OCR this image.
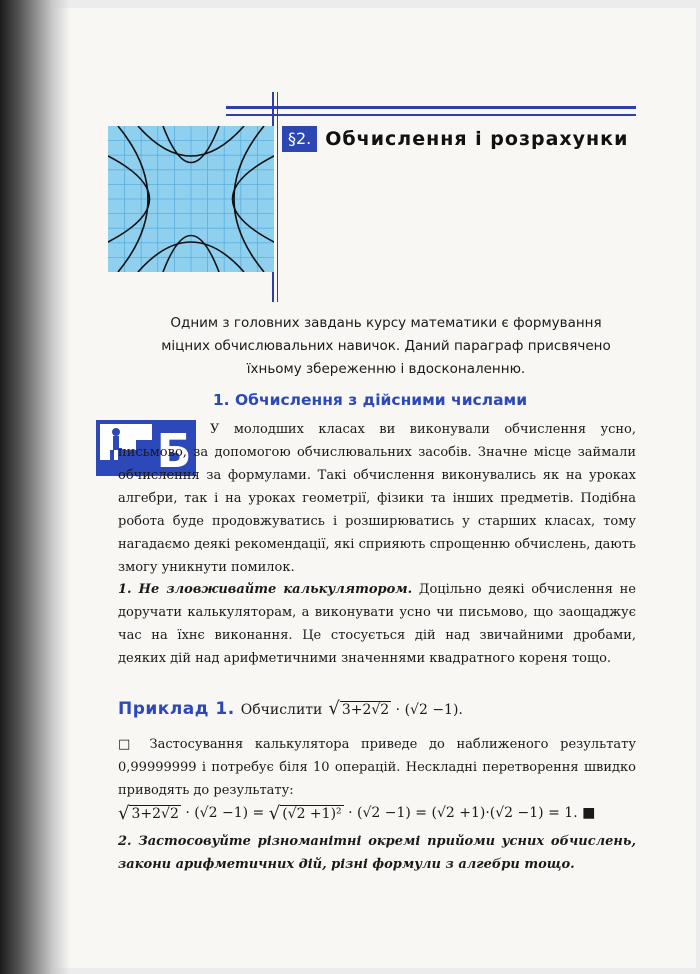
§2. Обчислення і розрахунки
Одним з головних завдань курсу математики є формування міцних обчислювальних навичок. Даний параграф присвячено їхньому збереженню і вдосконаленню.
1. Обчислення з дійсними числами
Б	У молодших класах ви виконували обчислення усно, письмово, за допомогою обчислювальних засобів. Значне місце займали обчислення за формулами. Такі обчислення виконувались як на уроках алгебри, так і на уроках геометрії, фізики та інших предметів. Подібна робота буде продовжуватись і розширюватись у старших класах, тому нагадаємо деякі рекомендації, які сприяють спрощенню обчислень, дають змогу уникнути помилок.
1. Не зловживайте калькулятором. Доцільно деякі обчислення не доручати калькуляторам, а виконувати усно чи письмово, що заощаджує час на їхнє виконання. Це стосується дій над звичайними дробами, деяких дій над арифметичними значеннями квадратного кореня тощо.
Приклад 1. Обчислити √ 3+2√2 · (√2 −1).
□ Застосування калькулятора приведе до наближеного результату 0,99999999 і потребує біля 10 операцій. Нескладні перетворення швидко приводять до результату:
√ 3+2√2
·
(√2 −1)
=
√ (√2 +1)²
·
(√2 −1)
=
(√2 +1) · (√2 −1)
=
1 . ■
2. Застосовуйте різноманітні окремі прийоми усних обчислень, закони арифметичних дій, різні формули з алгебри тощо.
